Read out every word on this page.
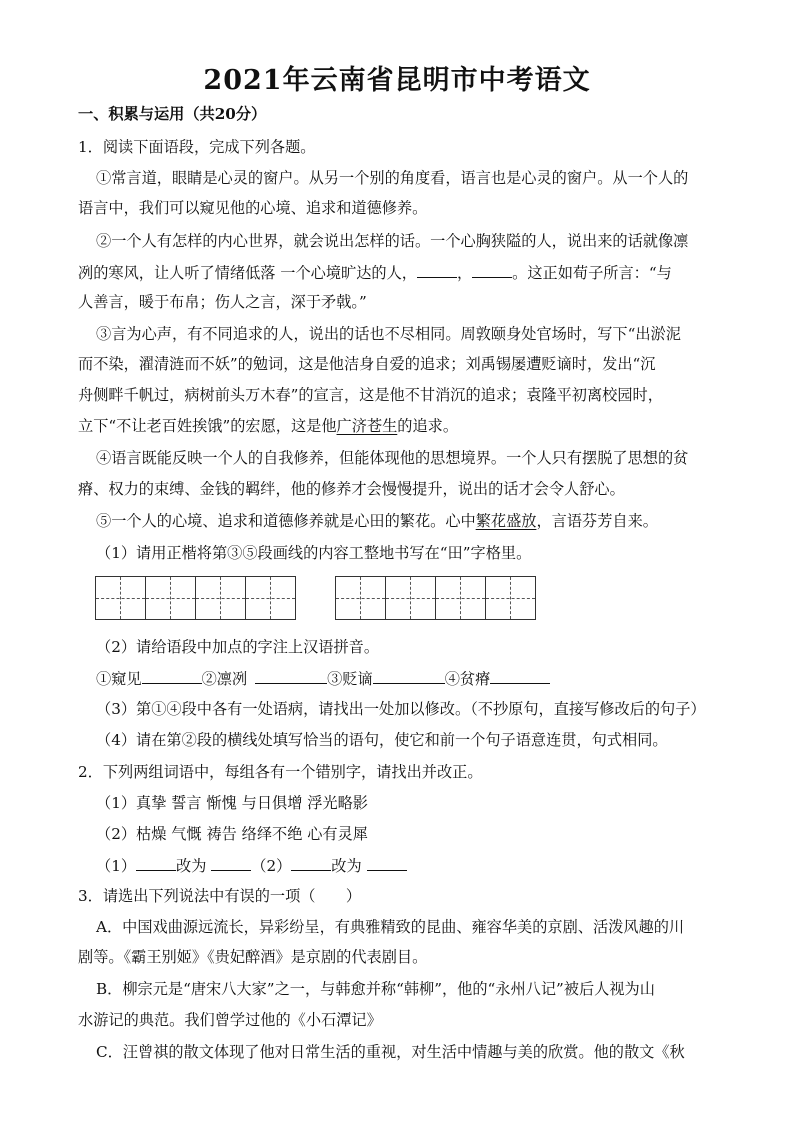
2021年云南省昆明市中考语文
一、积累与运用（共20分）
1．阅读下面语段，完成下列各题。
①常言道，眼睛是心灵的窗户。从另一个别的角度看，语言也是心灵的窗户。从一个人的
语言中，我们可以窥见他的心境、追求和道德修养。
②一个人有怎样的内心世界，就会说出怎样的话。一个心胸狭隘的人，说出来的话就像凛
冽的寒风，让人听了情绪低落 一个心境旷达的人，	，	。这正如荀子所言：“与
人善言，暖于布帛；伤人之言，深于矛戟。”
③言为心声，有不同追求的人，说出的话也不尽相同。周敦颐身处官场时，写下“出淤泥
而不染，濯清涟而不妖”的勉词，这是他洁身自爱的追求；刘禹锡屡遭贬谪时，发出“沉
舟侧畔千帆过，病树前头万木春”的宣言，这是他不甘消沉的追求；袁隆平初离校园时，
立下“不让老百姓挨饿”的宏愿，这是他广济苍生的追求。
④语言既能反映一个人的自我修养，但能体现他的思想境界。一个人只有摆脱了思想的贫
瘠、权力的束缚、金钱的羁绊，他的修养才会慢慢提升，说出的话才会令人舒心。
⑤一个人的心境、追求和道德修养就是心田的繁花。心中繁花盛放，言语芬芳自来。
（1）请用正楷将第③⑤段画线的内容工整地书写在“田”字格里。
（2）请给语段中加点的字注上汉语拼音。
①窥见	②凛冽	③贬谪	④贫瘠
（3）第①④段中各有一处语病，请找出一处加以修改。（不抄原句，直接写修改后的句子）
（4）请在第②段的横线处填写恰当的语句，使它和前一个句子语意连贯，句式相同。
2．下列两组词语中，每组各有一个错别字，请找出并改正。
（1）真挚 誓言 惭愧 与日俱增 浮光略影
（2）枯燥 气慨 祷告 络绎不绝 心有灵犀
（1）	改为	（2）	改为
3．请选出下列说法中有误的一项（　　）
A．中国戏曲源远流长，异彩纷呈，有典雅精致的昆曲、雍容华美的京剧、活泼风趣的川
剧等。《霸王别姬》《贵妃醉酒》是京剧的代表剧目。
B．柳宗元是“唐宋八大家”之一，与韩愈并称“韩柳”，他的“永州八记”被后人视为山
水游记的典范。我们曾学过他的《小石潭记》
C．汪曾祺的散文体现了他对日常生活的重视，对生活中情趣与美的欣赏。他的散文《秋
